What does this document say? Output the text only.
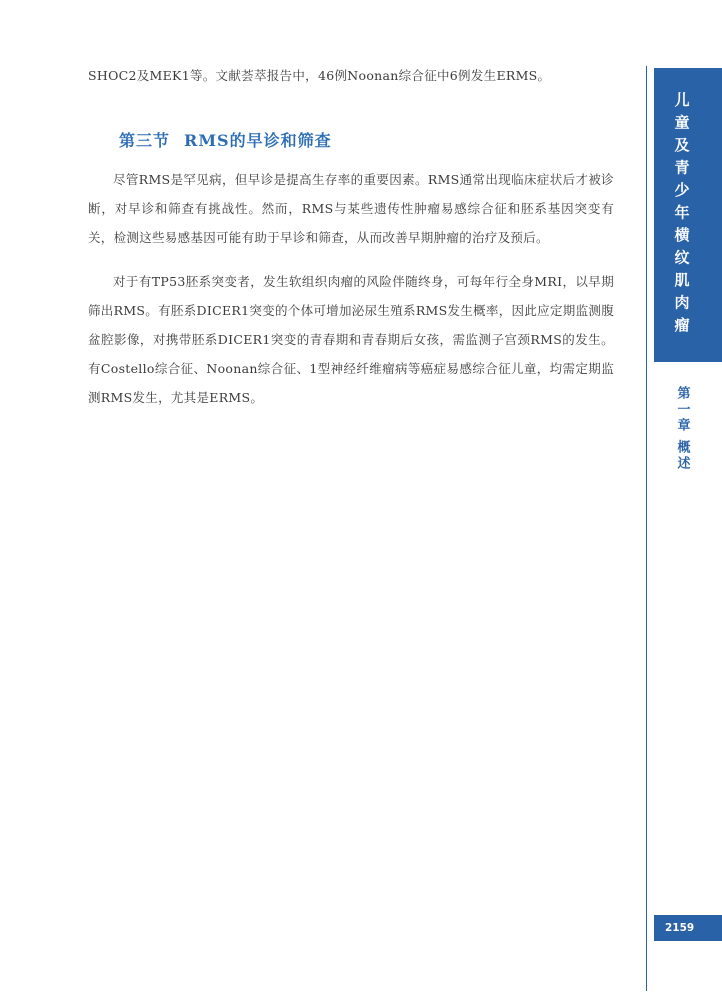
SHOC2及MEK1等。文献荟萃报告中，46例Noonan综合征中6例发生ERMS。

第三节 RMS的早诊和筛查

尽管RMS是罕见病，但早诊是提高生存率的重要因素。RMS通常出现临床症状后才被诊断，对早诊和筛查有挑战性。然而，RMS与某些遗传性肿瘤易感综合征和胚系基因突变有关，检测这些易感基因可能有助于早诊和筛查，从而改善早期肿瘤的治疗及预后。

对于有TP53胚系突变者，发生软组织肉瘤的风险伴随终身，可每年行全身MRI，以早期筛出RMS。有胚系DICER1突变的个体可增加泌尿生殖系RMS发生概率，因此应定期监测腹盆腔影像，对携带胚系DICER1突变的青春期和青春期后女孩，需监测子宫颈RMS的发生。有Costello综合征、Noonan综合征、1型神经纤维瘤病等癌症易感综合征儿童，均需定期监测RMS发生，尤其是ERMS。

儿童及青少年横纹肌肉瘤
第一章
概述
2159
